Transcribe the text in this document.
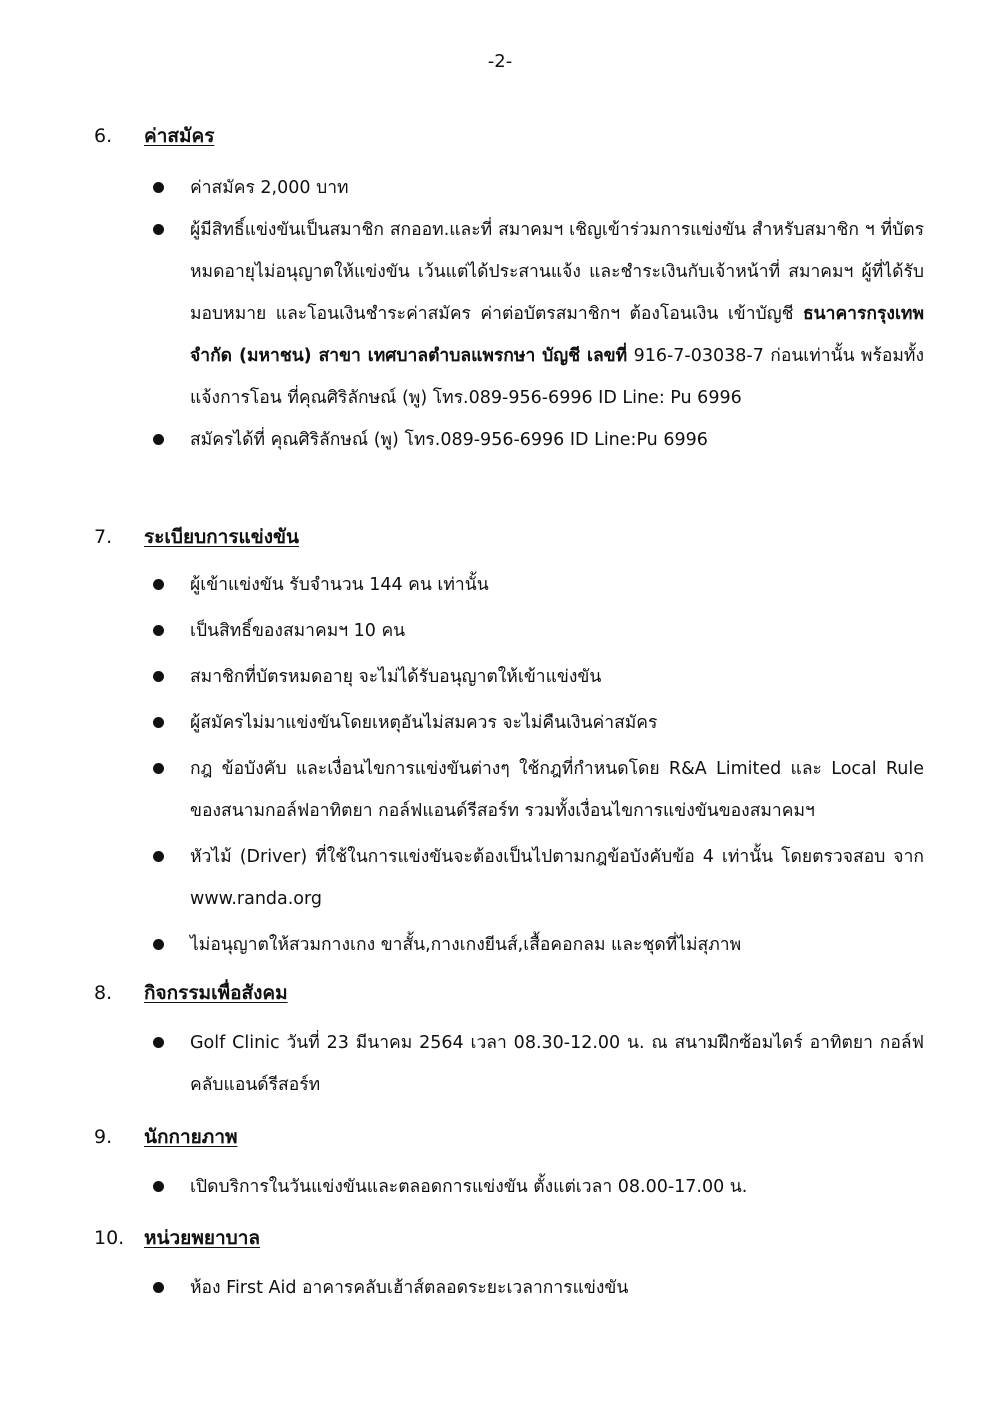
-2-
6.	ค่าสมัคร
ค่าสมัคร 2,000 บาท
ผู้มีสิทธิ์แข่งขันเป็นสมาชิก สกออท.และที่ สมาคมฯ เชิญเข้าร่วมการแข่งขัน สำหรับสมาชิก ฯ ที่บัตรหมดอายุไม่อนุญาตให้แข่งขัน เว้นแต่ได้ประสานแจ้ง และชำระเงินกับเจ้าหน้าที่ สมาคมฯ ผู้ที่ได้รับมอบหมาย และโอนเงินชำระค่าสมัคร ค่าต่อบัตรสมาชิกฯ ต้องโอนเงิน เข้าบัญชี ธนาคารกรุงเทพ จำกัด (มหาชน) สาขา เทศบาลตำบลแพรกษา บัญชี เลขที่ 916-7-03038-7 ก่อนเท่านั้น พร้อมทั้งแจ้งการโอน ที่คุณศิริลักษณ์ (พู) โทร.089-956-6996 ID Line: Pu 6996
สมัครได้ที่ คุณศิริลักษณ์ (พู) โทร.089-956-6996 ID Line:Pu 6996
7.	ระเบียบการแข่งขัน
ผู้เข้าแข่งขัน รับจำนวน 144 คน เท่านั้น
เป็นสิทธิ์ของสมาคมฯ 10 คน
สมาชิกที่บัตรหมดอายุ จะไม่ได้รับอนุญาตให้เข้าแข่งขัน
ผู้สมัครไม่มาแข่งขันโดยเหตุอันไม่สมควร จะไม่คืนเงินค่าสมัคร
กฎ ข้อบังคับ และเงื่อนไขการแข่งขันต่างๆ ใช้กฎที่กำหนดโดย R&A Limited และ Local Rule ของสนามกอล์ฟอาทิตยา กอล์ฟแอนด์รีสอร์ท รวมทั้งเงื่อนไขการแข่งขันของสมาคมฯ
หัวไม้ (Driver) ที่ใช้ในการแข่งขันจะต้องเป็นไปตามกฎข้อบังคับข้อ 4 เท่านั้น โดยตรวจสอบ จาก www.randa.org
ไม่อนุญาตให้สวมกางเกง ขาสั้น,กางเกงยีนส์,เสื้อคอกลม และชุดที่ไม่สุภาพ
8.	กิจกรรมเพื่อสังคม
Golf Clinic วันที่ 23 มีนาคม 2564 เวลา 08.30-12.00 น. ณ สนามฝึกซ้อมไดร์ อาทิตยา กอล์ฟ คลับแอนด์รีสอร์ท
9.	นักกายภาพ
เปิดบริการในวันแข่งขันและตลอดการแข่งขัน ตั้งแต่เวลา 08.00-17.00 น.
10.	หน่วยพยาบาล
ห้อง First Aid อาคารคลับเฮ้าส์ตลอดระยะเวลาการแข่งขัน
